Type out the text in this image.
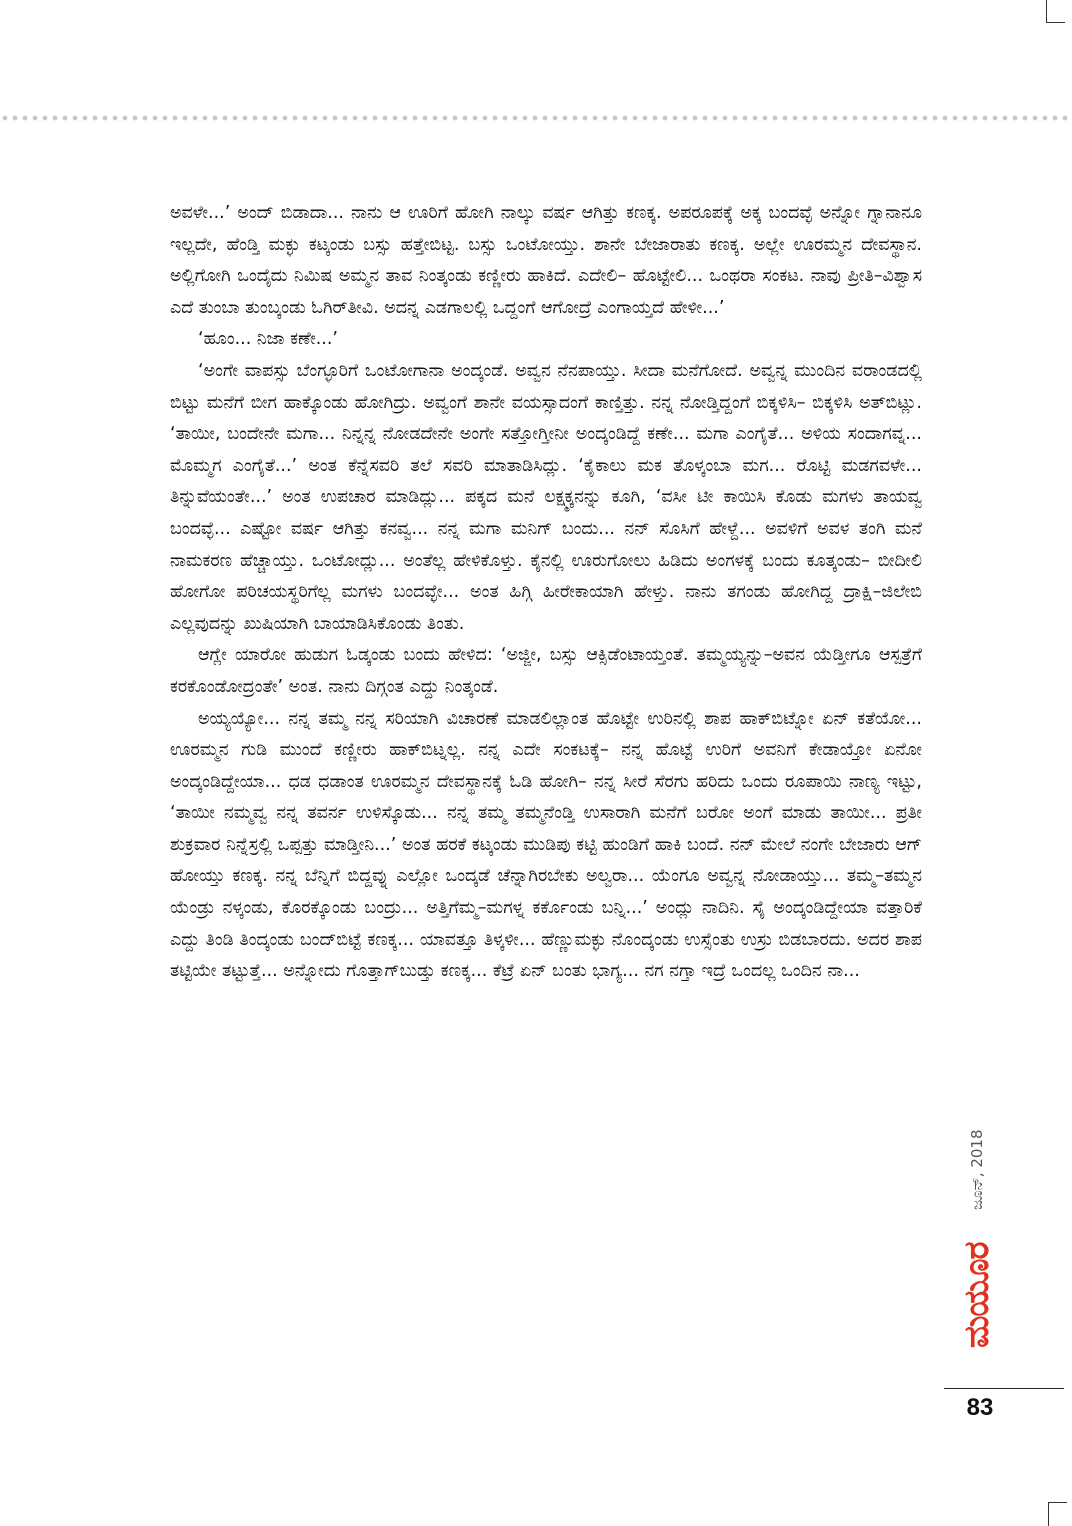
ಅವಳೇ...’ ಅಂದ್ ಬಿಡಾದಾ... ನಾನು ಆ ಊರಿಗೆ ಹೋಗಿ ನಾಲ್ಕು ವರ್ಷ ಆಗಿತ್ತು ಕಣಕ್ಕ. ಅಪರೂಪಕ್ಕೆ ಅಕ್ಕ ಬಂದವ್ಳೆ ಅನ್ನೋ ಗ್ನಾನಾನೂ ಇಲ್ಲದೇ, ಹೆಂಡ್ತಿ ಮಕ್ಳು ಕಟ್ಕಂಡು ಬಸ್ಸು ಹತ್ತೇಬಿಟ್ಟ. ಬಸ್ಸು ಒಂಟೋಯ್ತು. ಶಾನೇ ಬೇಜಾರಾತು ಕಣಕ್ಕ. ಅಲ್ಲೇ ಊರಮ್ಮನ ದೇವಸ್ಥಾನ. ಅಲ್ಲಿಗೋಗಿ ಒಂದೈದು ನಿಮಿಷ ಅಮ್ಮನ ತಾವ ನಿಂತ್ಕಂಡು ಕಣ್ಣೀರು ಹಾಕಿದೆ. ಎದೇಲಿ– ಹೊಟ್ಟೇಲಿ... ಒಂಥರಾ ಸಂಕಟ. ನಾವು ಪ್ರೀತಿ–ವಿಶ್ವಾಸ ಎದೆ ತುಂಬಾ ತುಂಬ್ಕಂಡು ಓಗಿರ್‌ತೀವಿ. ಅದನ್ನ ಎಡಗಾಲಲ್ಲಿ ಒದ್ದಂಗೆ ಆಗೋದ್ರೆ ಎಂಗಾಯ್ತದೆ ಹೇಳೀ...’

‘ಹೂಂ... ನಿಜಾ ಕಣೇ...’

‘ಅಂಗೇ ವಾಪಸ್ಸು ಬೆಂಗ್ಳೂರಿಗೆ ಒಂಟೋಗಾನಾ ಅಂದ್ಕಂಡೆ. ಅವ್ವನ ನೆನಪಾಯ್ತು. ಸೀದಾ ಮನೆಗೋದೆ. ಅವ್ವನ್ನ ಮುಂದಿನ ವರಾಂಡದಲ್ಲಿ ಬಿಟ್ಟು ಮನೆಗೆ ಬೀಗ ಹಾಕ್ಕೊಂಡು ಹೋಗಿದ್ರು. ಅವ್ವಂಗೆ ಶಾನೇ ವಯಸ್ಸಾದಂಗೆ ಕಾಣ್ತಿತ್ತು. ನನ್ನ ನೋಡ್ತಿದ್ದಂಗೆ ಬಿಕ್ಕಳಿಸಿ– ಬಿಕ್ಕಳಿಸಿ ಅತ್‌ಬಿಟ್ಲು. ‘ತಾಯೀ, ಬಂದೇನೇ ಮಗಾ... ನಿನ್ನನ್ನ ನೋಡದೇನೇ ಅಂಗೇ ಸತ್ತೋಗ್ತೀನೀ ಅಂದ್ಕಂಡಿದ್ದೆ ಕಣೇ... ಮಗಾ ಎಂಗೈತೆ... ಅಳಿಯ ಸಂದಾಗವ್ನ... ಮೊಮ್ಮಗ ಎಂಗೈತೆ...’ ಅಂತ ಕೆನ್ನೆಸವರಿ ತಲೆ ಸವರಿ ಮಾತಾಡಿಸಿದ್ಲು. ‘ಕೈಕಾಲು ಮಕ ತೊಳ್ಕಂಬಾ ಮಗ... ರೊಟ್ಟಿ ಮಡಗವಳೇ... ತಿನ್ನುವೆಯಂತೇ...’ ಅಂತ ಉಪಚಾರ ಮಾಡಿದ್ಲು... ಪಕ್ಕದ ಮನೆ ಲಕ್ಷ್ಮಕ್ಕನನ್ನು ಕೂಗಿ, ‘ವಸೀ ಟೀ ಕಾಯಿಸಿ ಕೊಡು ಮಗಳು ತಾಯವ್ವ ಬಂದವ್ಳೆ... ಎಷ್ಟೋ ವರ್ಷ ಆಗಿತ್ತು ಕನವ್ವ... ನನ್ನ ಮಗಾ ಮನಿಗ್ ಬಂದು... ನನ್ ಸೊಸಿಗೆ ಹೇಳ್ದೆ... ಅವಳಿಗೆ ಅವಳ ತಂಗಿ ಮನೆ ನಾಮಕರಣ ಹೆಚ್ಚಾಯ್ತು. ಒಂಟೋದ್ಲು... ಅಂತೆಲ್ಲ ಹೇಳಿಕೊಳ್ತು. ಕೈನಲ್ಲಿ ಊರುಗೋಲು ಹಿಡಿದು ಅಂಗಳಕ್ಕೆ ಬಂದು ಕೂತ್ಕಂಡು– ಬೀದೀಲಿ ಹೋಗೋ ಪರಿಚಯಸ್ಥರಿಗೆಲ್ಲ ಮಗಳು ಬಂದವ್ಳೇ... ಅಂತ ಹಿಗ್ಗಿ ಹೀರೇಕಾಯಾಗಿ ಹೇಳ್ತು. ನಾನು ತಗಂಡು ಹೋಗಿದ್ದ ದ್ರಾಕ್ಷಿ–ಜಿಲೇಬಿ ಎಲ್ಲವುದನ್ನು ಖುಷಿಯಾಗಿ ಬಾಯಾಡಿಸಿಕೊಂಡು ತಿಂತು.

ಆಗ್ಲೇ ಯಾರೋ ಹುಡುಗ ಓಡ್ಕಂಡು ಬಂದು ಹೇಳಿದ: ‘ಅಜ್ಜೀ, ಬಸ್ಸು ಆಕ್ಸಿಡೆಂಟಾಯ್ತಂತೆ. ತಮ್ಮಯ್ಯನ್ನು–ಅವನ ಯೆಡ್ತೀಗೂ ಆಸ್ಪತ್ರೆಗೆ ಕರಕೊಂಡೋದ್ರಂತೇ’ ಅಂತ. ನಾನು ದಿಗ್ಗಂತ ಎದ್ದು ನಿಂತ್ಕಂಡೆ.

ಅಯ್ಯಯ್ಯೋ... ನನ್ನ ತಮ್ಮ ನನ್ನ ಸರಿಯಾಗಿ ವಿಚಾರಣೆ ಮಾಡಲಿಲ್ಲಾಂತ ಹೊಟ್ಟೇ ಉರಿನಲ್ಲಿ ಶಾಪ ಹಾಕ್‌ಬಿಟ್ನೋ ಏನ್ ಕತೆಯೋ... ಊರಮ್ಮನ ಗುಡಿ ಮುಂದೆ ಕಣ್ಣೀರು ಹಾಕ್‌ಬಿಟ್ನಲ್ಲ. ನನ್ನ ಎದೇ ಸಂಕಟಕ್ಕೆ– ನನ್ನ ಹೊಟ್ಟೆ ಉರಿಗೆ ಅವನಿಗೆ ಕೇಡಾಯ್ತೋ ಏನೋ ಅಂದ್ಕಂಡಿದ್ದೇಯಾ... ಧಡ ಧಡಾಂತ ಊರಮ್ಮನ ದೇವಸ್ಥಾನಕ್ಕೆ ಓಡಿ ಹೋಗಿ– ನನ್ನ ಸೀರೆ ಸೆರಗು ಹರಿದು ಒಂದು ರೂಪಾಯಿ ನಾಣ್ಯ ಇಟ್ಟು, ‘ತಾಯೀ ನಮ್ಮವ್ವ ನನ್ನ ತವರ್ನ ಉಳಿಸ್ಕೊಡು... ನನ್ನ ತಮ್ಮ ತಮ್ಮನೆಂಡ್ತಿ ಉಸಾರಾಗಿ ಮನೆಗೆ ಬರೋ ಅಂಗೆ ಮಾಡು ತಾಯೀ... ಪ್ರತೀ ಶುಕ್ರವಾರ ನಿನ್ನೆಸ್ರಲ್ಲಿ ಒಪ್ಪತ್ತು ಮಾಡ್ತೀನಿ...’ ಅಂತ ಹರಕೆ ಕಟ್ಕಂಡು ಮುಡಿಪು ಕಟ್ಟಿ ಹುಂಡಿಗೆ ಹಾಕಿ ಬಂದೆ. ನನ್ ಮೇಲೆ ನಂಗೇ ಬೇಜಾರು ಆಗ್ ಹೋಯ್ತು ಕಣಕ್ಕ. ನನ್ನ ಬೆನ್ನಿಗೆ ಬಿದ್ದವ್ನು ಎಲ್ಲೋ ಒಂದ್ಕಡೆ ಚೆನ್ನಾಗಿರಬೇಕು ಅಲ್ವರಾ... ಯೆಂಗೂ ಅವ್ವನ್ನ ನೋಡಾಯ್ತು... ತಮ್ಮ–ತಮ್ಮನ ಯೆಂಡ್ರು ನಳ್ಕಂಡು, ಕೊರಕ್ಕೊಂಡು ಬಂದ್ರು... ಅತ್ತಿಗೆಮ್ಮ–ಮಗಳ್ನ ಕರ್ಕೊಂಡು ಬನ್ನಿ...’ ಅಂದ್ಲು ನಾದಿನಿ. ಸೈ ಅಂದ್ಕಂಡಿದ್ದೇಯಾ ವತ್ತಾರಿಕೆ ಎದ್ದು ತಿಂಡಿ ತಿಂದ್ಕಂಡು ಬಂದ್‌ಬಿಟ್ಟೆ ಕಣಕ್ಕ... ಯಾವತ್ತೂ ತಿಳ್ಕಳೀ... ಹೆಣ್ಣುಮಕ್ಳು ನೊಂದ್ಕಂಡು ಉಸ್ಸೆಂತು ಉಸ್ರು ಬಿಡಬಾರದು. ಅದರ ಶಾಪ ತಟ್ಟಿಯೇ ತಟ್ಟುತ್ತೆ... ಅನ್ನೋದು ಗೊತ್ತಾಗ್‌ಬುಡ್ತು ಕಣಕ್ಕ... ಕೆಟ್ರೆ ಏನ್ ಬಂತು ಭಾಗ್ಯ... ನಗ ನಗ್ತಾ ಇದ್ರೆ ಒಂದಲ್ಲ ಒಂದಿನ ನಾ...

ಜೂನ್, 2018
ಮಯೂರ
83
